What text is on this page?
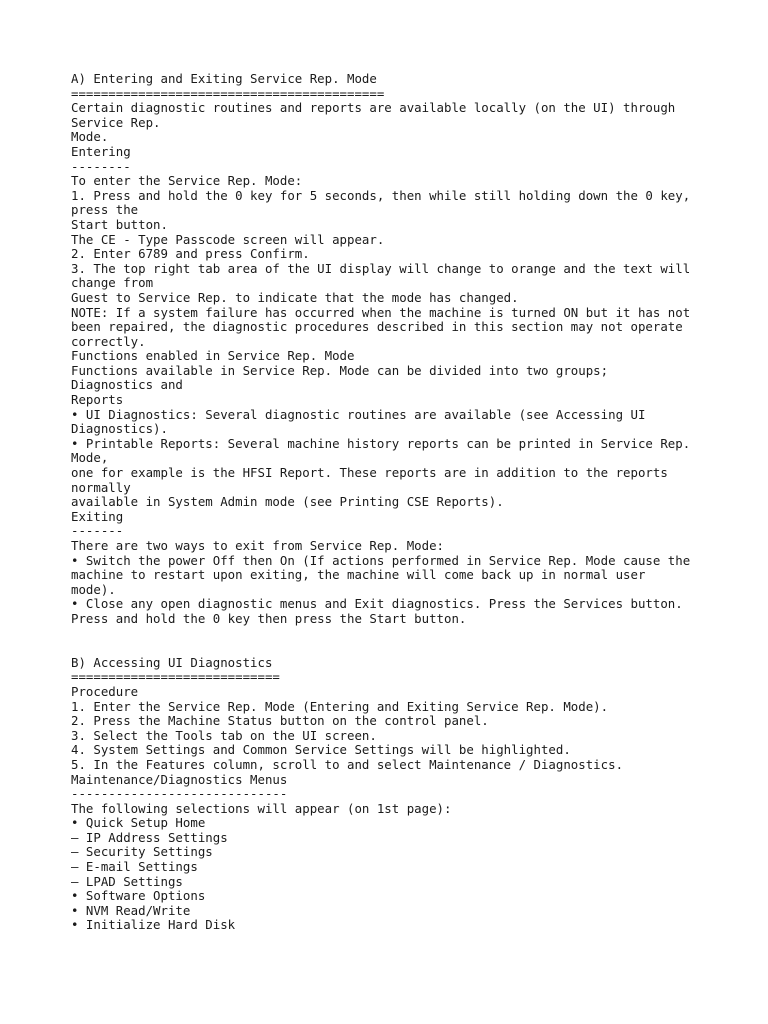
A) Entering and Exiting Service Rep. Mode
==========================================
Certain diagnostic routines and reports are available locally (on the UI) through
Service Rep.
Mode.
Entering
--------
To enter the Service Rep. Mode:
1. Press and hold the 0 key for 5 seconds, then while still holding down the 0 key,
press the
Start button.
The CE - Type Passcode screen will appear.
2. Enter 6789 and press Confirm.
3. The top right tab area of the UI display will change to orange and the text will
change from
Guest to Service Rep. to indicate that the mode has changed.
NOTE: If a system failure has occurred when the machine is turned ON but it has not
been repaired, the diagnostic procedures described in this section may not operate
correctly.
Functions enabled in Service Rep. Mode
Functions available in Service Rep. Mode can be divided into two groups;
Diagnostics and
Reports
• UI Diagnostics: Several diagnostic routines are available (see Accessing UI
Diagnostics).
• Printable Reports: Several machine history reports can be printed in Service Rep.
Mode,
one for example is the HFSI Report. These reports are in addition to the reports
normally
available in System Admin mode (see Printing CSE Reports).
Exiting
-------
There are two ways to exit from Service Rep. Mode:
• Switch the power Off then On (If actions performed in Service Rep. Mode cause the
machine to restart upon exiting, the machine will come back up in normal user
mode).
• Close any open diagnostic menus and Exit diagnostics. Press the Services button.
Press and hold the 0 key then press the Start button.
B) Accessing UI Diagnostics
============================
Procedure
1. Enter the Service Rep. Mode (Entering and Exiting Service Rep. Mode).
2. Press the Machine Status button on the control panel.
3. Select the Tools tab on the UI screen.
4. System Settings and Common Service Settings will be highlighted.
5. In the Features column, scroll to and select Maintenance / Diagnostics.
Maintenance/Diagnostics Menus
-----------------------------
The following selections will appear (on 1st page):
• Quick Setup Home
– IP Address Settings
– Security Settings
– E-mail Settings
– LPAD Settings
• Software Options
• NVM Read/Write
• Initialize Hard Disk
